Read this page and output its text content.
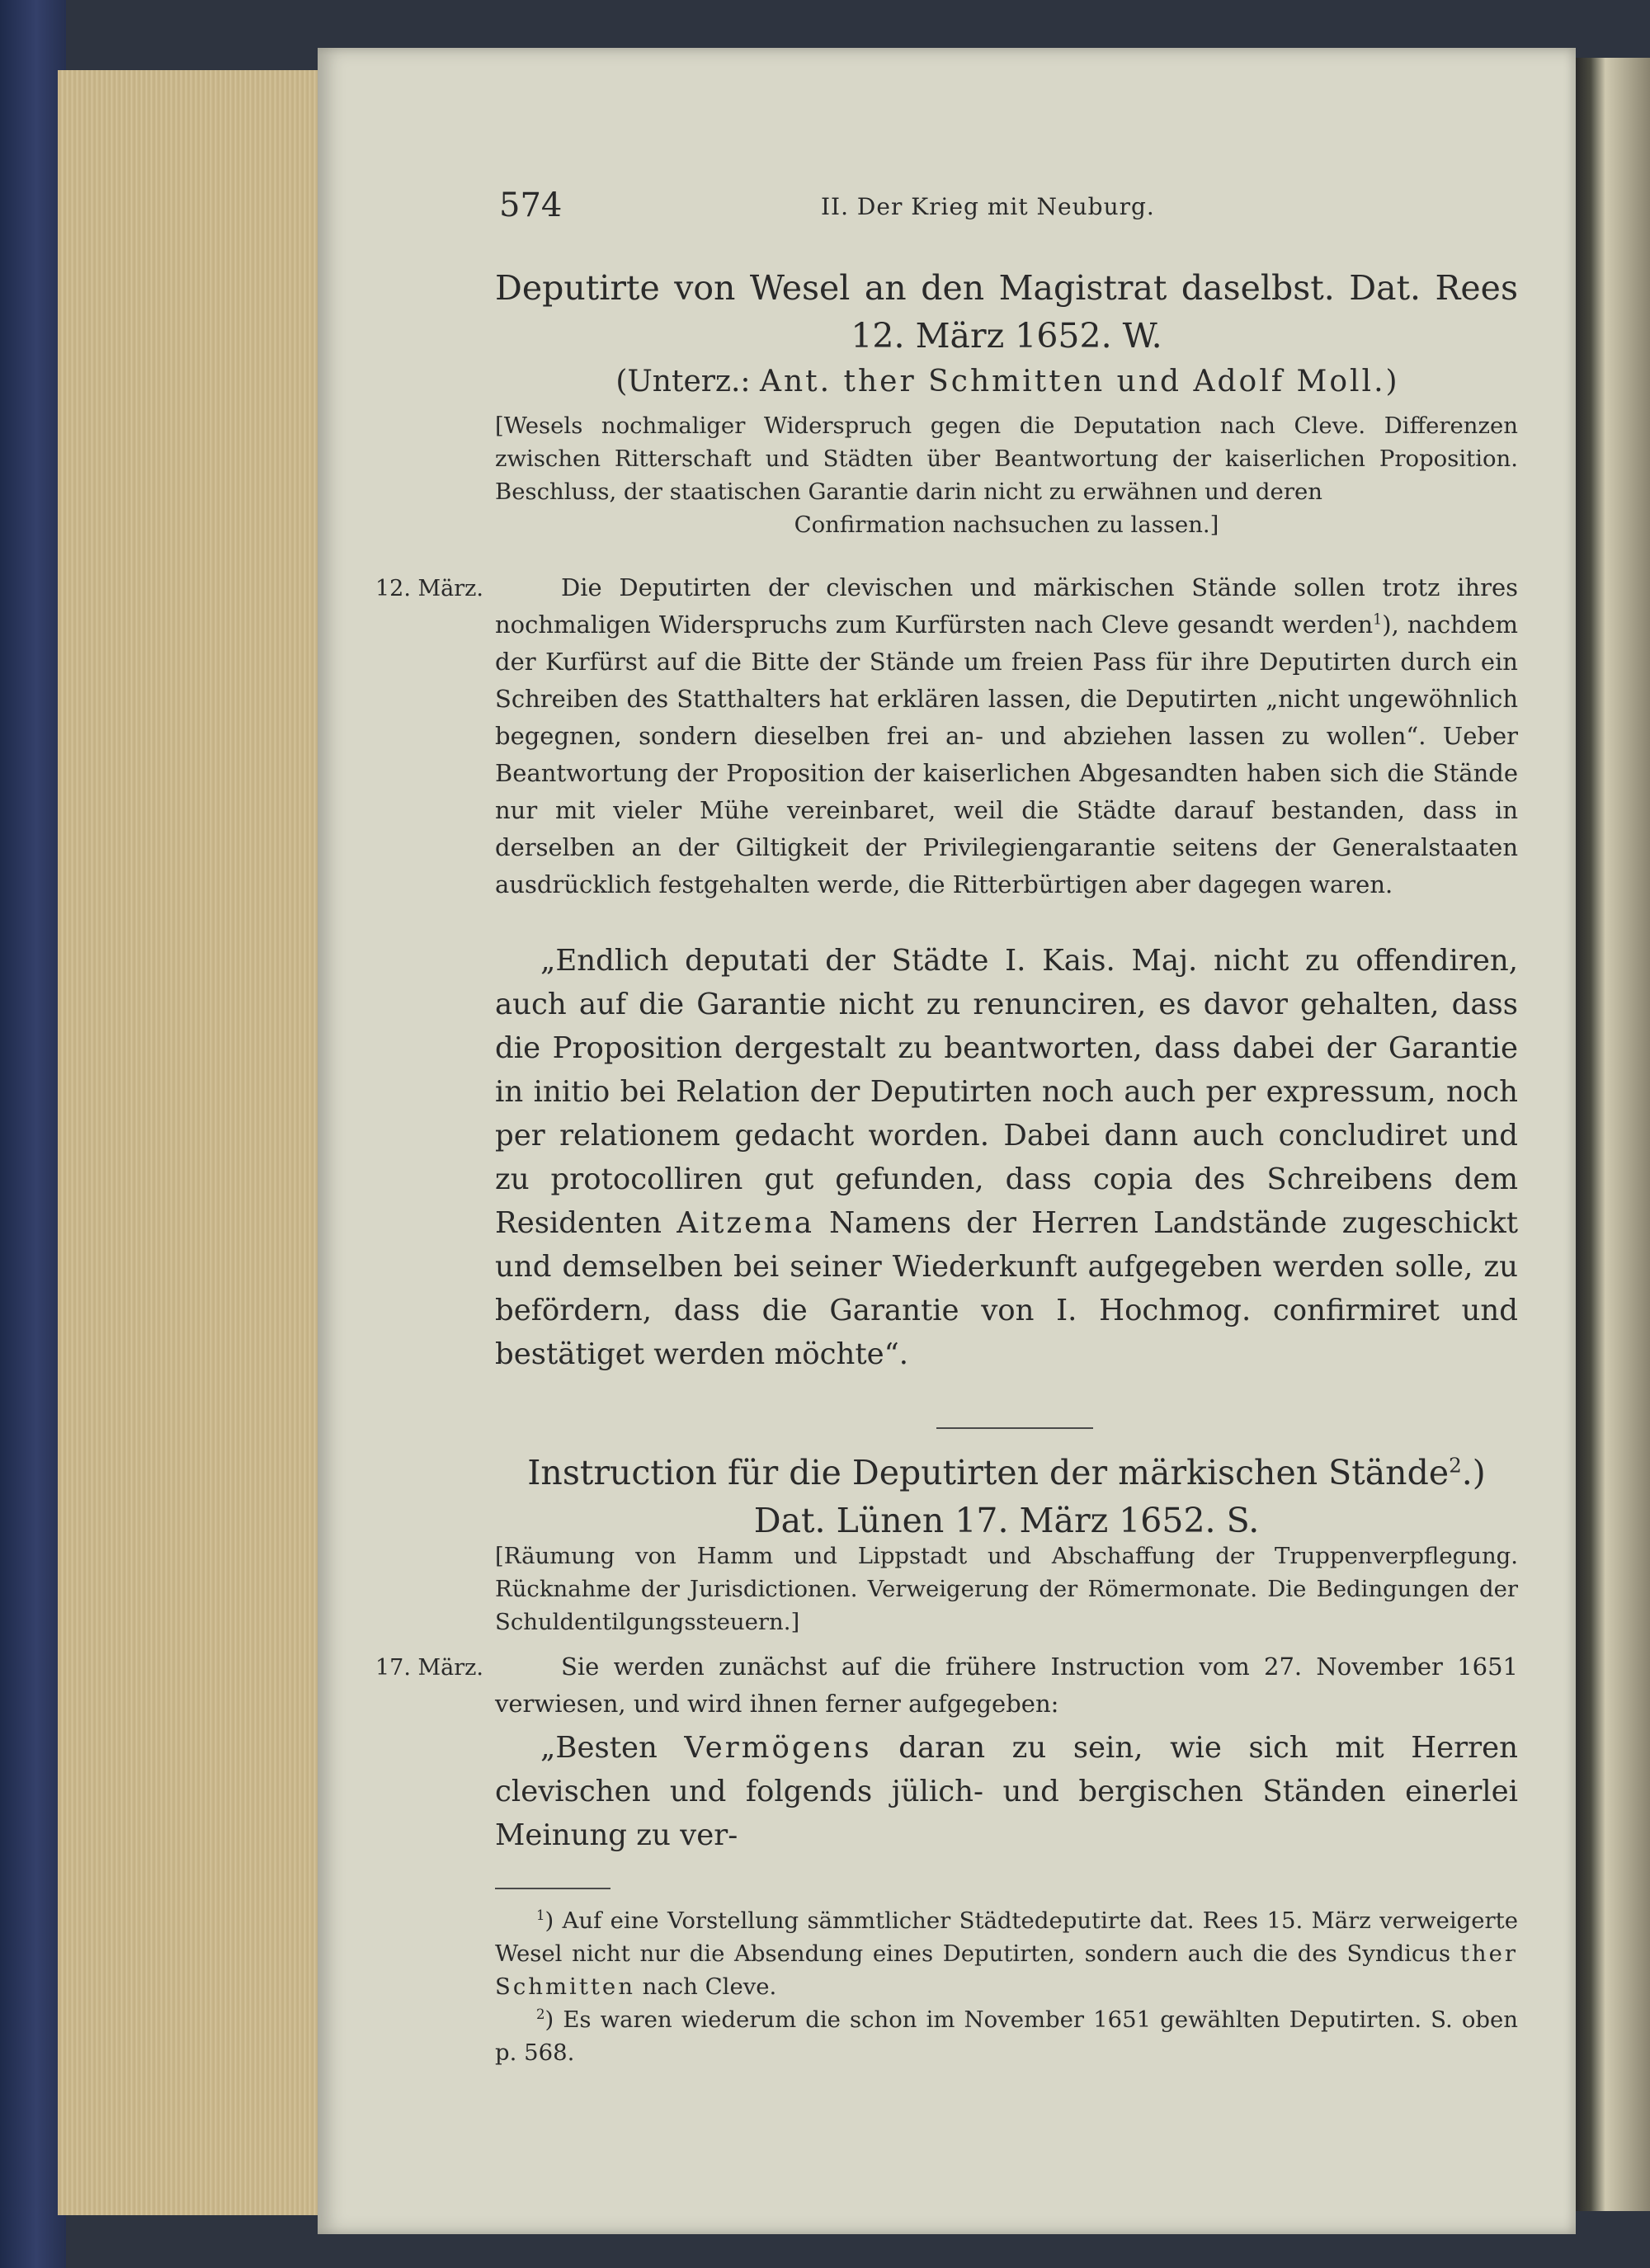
574	II. Der Krieg mit Neuburg.
Deputirte von Wesel an den Magistrat daselbst. Dat. Rees
12. März 1652. W.
(Unterz.: Ant. ther Schmitten und Adolf Moll.)
[Wesels nochmaliger Widerspruch gegen die Deputation nach Cleve. Differenzen zwischen Ritterschaft und Städten über Beantwortung der kaiserlichen Proposition. Beschluss, der staatischen Garantie darin nicht zu erwähnen und deren
Confirmation nachsuchen zu lassen.]
12. März.	Die Deputirten der clevischen und märkischen Stände sollen trotz ihres nochmaligen Widerspruchs zum Kurfürsten nach Cleve gesandt werden$^1$), nachdem der Kurfürst auf die Bitte der Stände um freien Pass für ihre Deputirten durch ein Schreiben des Statthalters hat erklären lassen, die Deputirten „nicht ungewöhnlich begegnen, sondern dieselben frei an- und abziehen lassen zu wollen“. Ueber Beantwortung der Proposition der kaiserlichen Abgesandten haben sich die Stände nur mit vieler Mühe vereinbaret, weil die Städte darauf bestanden, dass in derselben an der Giltigkeit der Privilegiengarantie seitens der Generalstaaten ausdrücklich festgehalten werde, die Ritterbürtigen aber dagegen waren.
„Endlich deputati der Städte I. Kais. Maj. nicht zu offendiren, auch auf die Garantie nicht zu renunciren, es davor gehalten, dass die Proposition dergestalt zu beantworten, dass dabei der Garantie in initio bei Relation der Deputirten noch auch per expressum, noch per relationem gedacht worden. Dabei dann auch concludiret und zu protocolliren gut gefunden, dass copia des Schreibens dem Residenten Aitzema Namens der Herren Landstände zugeschickt und demselben bei seiner Wiederkunft aufgegeben werden solle, zu befördern, dass die Garantie von I. Hochmog. confirmiret und bestätiget werden möchte“.
Instruction für die Deputirten der märkischen Stände$^2$.)
Dat. Lünen 17. März 1652. S.
[Räumung von Hamm und Lippstadt und Abschaffung der Truppenverpflegung. Rücknahme der Jurisdictionen. Verweigerung der Römermonate. Die Bedingungen der Schuldentilgungssteuern.]
17. März.	Sie werden zunächst auf die frühere Instruction vom 27. November 1651 verwiesen, und wird ihnen ferner aufgegeben:
„Besten Vermögens daran zu sein, wie sich mit Herren clevischen und folgends jülich- und bergischen Ständen einerlei Meinung zu ver-

$^1$) Auf eine Vorstellung sämmtlicher Städtedeputirte dat. Rees 15. März verweigerte Wesel nicht nur die Absendung eines Deputirten, sondern auch die des Syndicus ther Schmitten nach Cleve.

$^2$) Es waren wiederum die schon im November 1651 gewählten Deputirten. S. oben p. 568.
